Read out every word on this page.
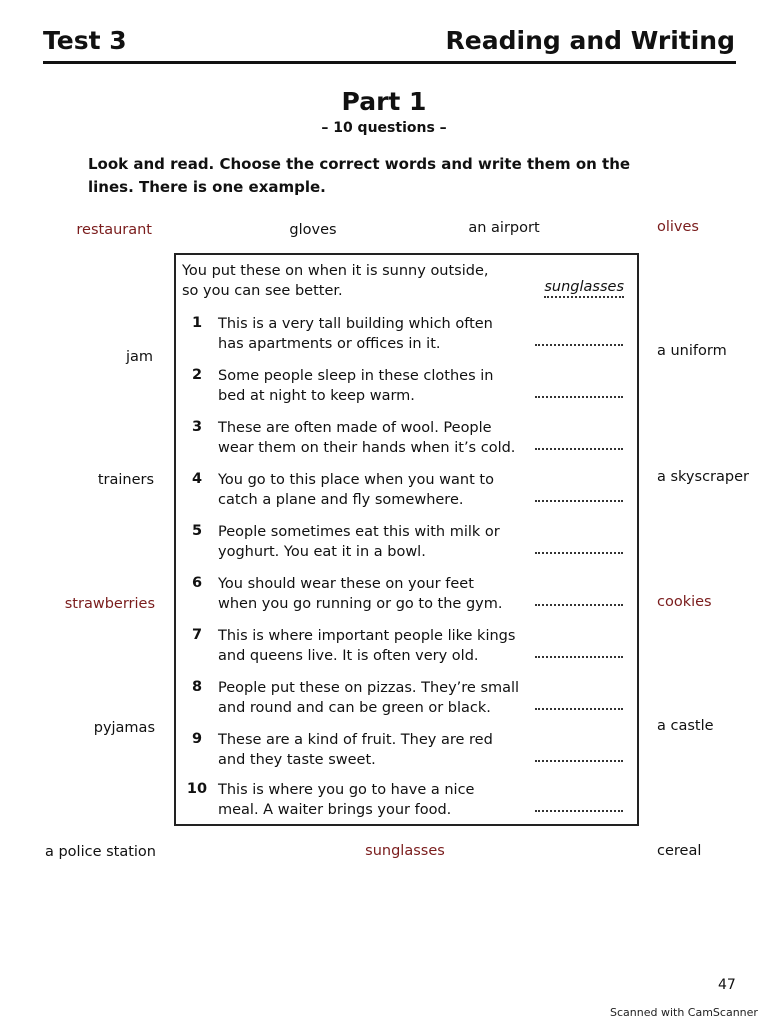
Test 3	Reading and Writing
Part 1
– 10 questions –
Look and read. Choose the correct words and write them on the lines. There is one example.
restaurant	gloves	an airport	olives
jam	a uniform
trainers	a skyscraper
strawberries	cookies
pyjamas	a castle
a police station	sunglasses	cereal
You put these on when it is sunny outside,
so you can see better.	sunglasses
1	This is a very tall building which often
has apartments or offices in it.
2	Some people sleep in these clothes in
bed at night to keep warm.
3	These are often made of wool. People
wear them on their hands when it’s cold.
4	You go to this place when you want to
catch a plane and fly somewhere.
5	People sometimes eat this with milk or
yoghurt. You eat it in a bowl.
6	You should wear these on your feet
when you go running or go to the gym.
7	This is where important people like kings
and queens live. It is often very old.
8	People put these on pizzas. They’re small
and round and can be green or black.
9	These are a kind of fruit. They are red
and they taste sweet.
10 This is where you go to have a nice
meal. A waiter brings your food.
47
Scanned with CamScanner
